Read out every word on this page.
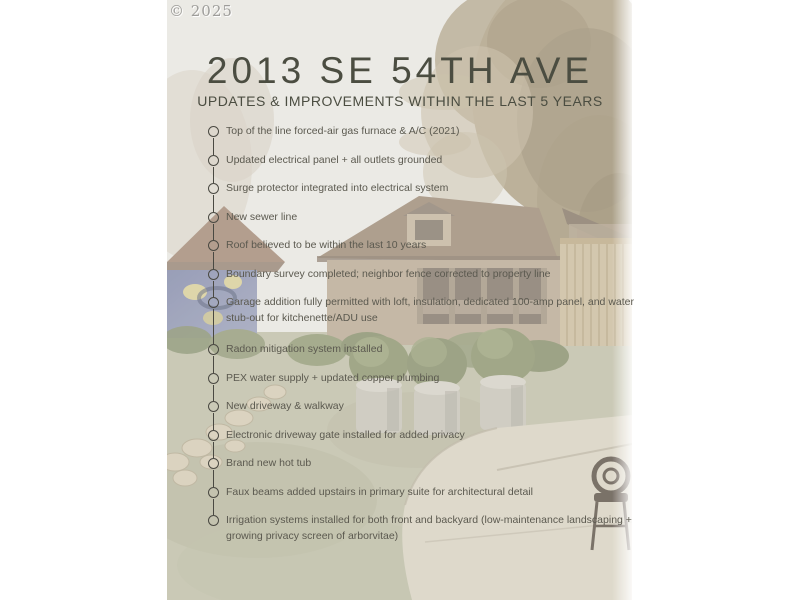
© 2025
2013 SE 54TH AVE
UPDATES & IMPROVEMENTS WITHIN THE LAST 5 YEARS
Top of the line forced-air gas furnace & A/C (2021)
Updated electrical panel + all outlets grounded
Surge protector integrated into electrical system
New sewer line
Roof believed to be within the last 10 years
Boundary survey completed; neighbor fence corrected to property line
Garage addition fully permitted with loft, insulation, dedicated 100-amp panel, and water stub-out for kitchenette/ADU use
Radon mitigation system installed
PEX water supply + updated copper plumbing
New driveway & walkway
Electronic driveway gate installed for added privacy
Brand new hot tub
Faux beams added upstairs in primary suite for architectural detail
Irrigation systems installed for both front and backyard (low-maintenance landscaping + growing privacy screen of arborvitae)
